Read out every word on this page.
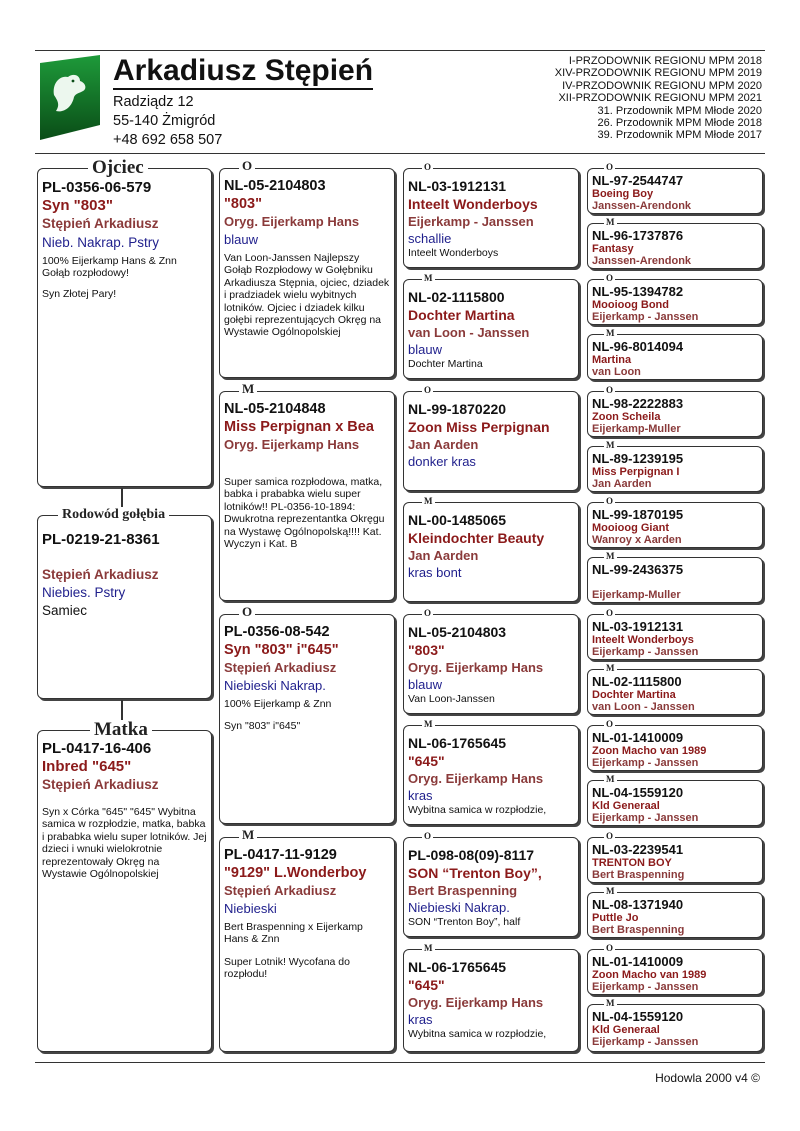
Arkadiusz Stępień
Radziądz 12
55-140 Żmigród
+48 692 658 507
I-PRZODOWNIK REGIONU MPM 2018
XIV-PRZODOWNIK REGIONU MPM 2019
IV-PRZODOWNIK REGIONU MPM 2020
XII-PRZODOWNIK REGIONU MPM 2021
31. Przodownik MPM Młode 2020
26. Przodownik MPM Młode 2018
39. Przodownik MPM Młode 2017
PL-0356-06-579
Syn "803"
Stępień Arkadiusz
Nieb. Nakrap. Pstry
100% Eijerkamp Hans & Znn Gołąb rozpłodowy!
Syn Złotej Pary!
Ojciec
PL-0219-21-8361
Stępień Arkadiusz
Niebies. Pstry
Samiec
Rodowód gołębia
PL-0417-16-406
Inbred "645"
Stępień Arkadiusz
Syn x Córka "645" "645" Wybitna samica w rozpłodzie, matka, babka i prababka wielu super lotników. Jej dzieci i wnuki wielokrotnie reprezentowały Okręg na Wystawie Ogólnopolskiej
Matka
NL-05-2104803
"803"
Oryg. Eijerkamp Hans
blauw
Van Loon-Janssen Najlepszy Gołąb Rozpłodowy w Gołębniku Arkadiusza Stępnia, ojciec, dziadek i pradziadek wielu wybitnych lotników. Ojciec i dziadek kilku gołębi reprezentujących Okręg na Wystawie Ogólnopolskiej
O
NL-05-2104848
Miss Perpignan x Bea
Oryg. Eijerkamp Hans
Super samica rozpłodowa, matka, babka i prababka wielu super lotników!! PL-0356-10-1894: Dwukrotna reprezentantka Okręgu na Wystawę Ogólnopolską!!!! Kat. Wyczyn i Kat. B
M
PL-0356-08-542
Syn "803" i"645"
Stępień Arkadiusz
Niebieski Nakrap.
100% Eijerkamp & Znn
Syn "803" i"645"
O
PL-0417-11-9129
"9129" L.Wonderboy
Stępień Arkadiusz
Niebieski
Bert Braspenning x Eijerkamp Hans & Znn
Super Lotnik! Wycofana do rozpłodu!
M
NL-03-1912131
Inteelt Wonderboys
Eijerkamp - Janssen
schallie
Inteelt Wonderboys
O
NL-02-1115800
Dochter Martina
van Loon - Janssen
blauw
Dochter Martina
M
NL-99-1870220
Zoon Miss Perpignan
Jan Aarden
donker kras
O
NL-00-1485065
Kleindochter Beauty
Jan Aarden
kras bont
M
NL-05-2104803
"803"
Oryg. Eijerkamp Hans
blauw
Van Loon-Janssen
O
NL-06-1765645
"645"
Oryg. Eijerkamp Hans
kras
Wybitna samica w rozpłodzie,
M
PL-098-08(09)-8117
SON “Trenton Boy”,
Bert Braspenning
Niebieski Nakrap.
SON “Trenton Boy”, half
O
NL-06-1765645
"645"
Oryg. Eijerkamp Hans
kras
Wybitna samica w rozpłodzie,
M
NL-97-2544747
Boeing Boy
Janssen-Arendonk
O
NL-96-1737876
Fantasy
Janssen-Arendonk
M
NL-95-1394782
Mooioog Bond
Eijerkamp - Janssen
O
NL-96-8014094
Martina
van Loon
M
NL-98-2222883
Zoon Scheila
Eijerkamp-Muller
O
NL-89-1239195
Miss Perpignan I
Jan Aarden
M
NL-99-1870195
Mooioog Giant
Wanroy x Aarden
O
NL-99-2436375
Eijerkamp-Muller
M
NL-03-1912131
Inteelt Wonderboys
Eijerkamp - Janssen
O
NL-02-1115800
Dochter Martina
van Loon - Janssen
M
NL-01-1410009
Zoon Macho van 1989
Eijerkamp - Janssen
O
NL-04-1559120
Kld Generaal
Eijerkamp - Janssen
M
NL-03-2239541
TRENTON BOY
Bert Braspenning
O
NL-08-1371940
Puttle Jo
Bert Braspenning
M
NL-01-1410009
Zoon Macho van 1989
Eijerkamp - Janssen
O
NL-04-1559120
Kld Generaal
Eijerkamp - Janssen
M
Hodowla 2000 v4 ©
